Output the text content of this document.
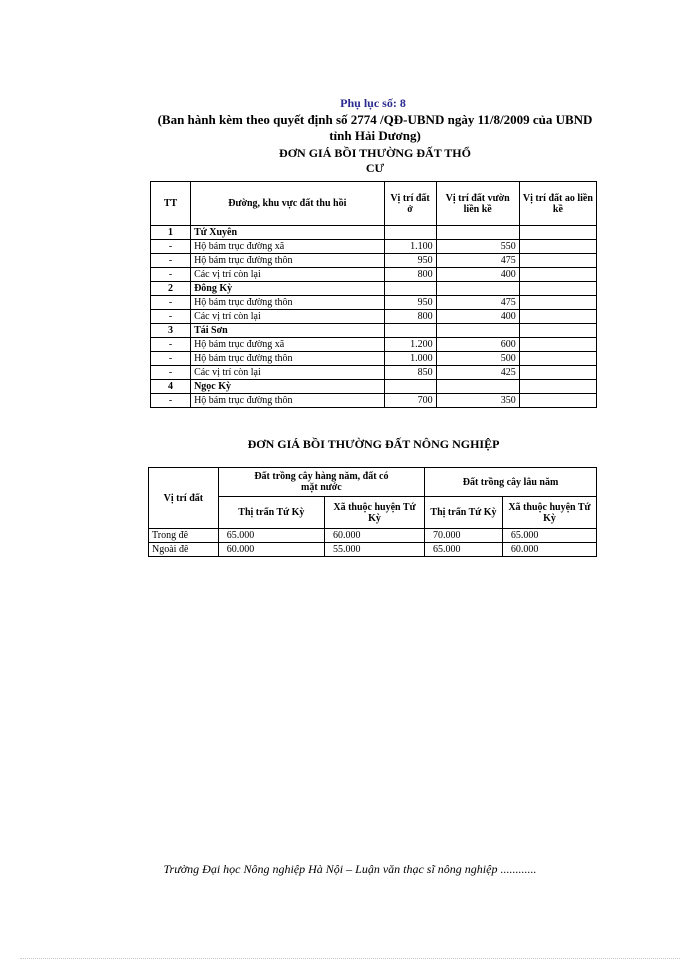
Phụ lục số: 8
(Ban hành kèm theo quyết định số 2774 /QĐ-UBND ngày 11/8/2009 của UBND
tỉnh Hải Dương)
ĐƠN GIÁ BỒI THƯỜNG ĐẤT THỔ
CƯ
TT	Đường, khu vực đất thu hồi	Vị trí đất ở	Vị trí đất vườn liền kề	Vị trí đất ao liền kề
1	Tứ Xuyên			
-	Hộ bám trục đường xã	1.100	550	
-	Hộ bám trục đường thôn	950	475	
-	Các vị trí còn lại	800	400	
2	Đông Kỳ			
-	Hộ bám trục đường thôn	950	475	
-	Các vị trí còn lại	800	400	
3	Tái Sơn			
-	Hộ bám trục đường xã	1.200	600	
-	Hộ bám trục đường thôn	1.000	500	
-	Các vị trí còn lại	850	425	
4	Ngọc Kỳ			
-	Hộ bám trục đường thôn	700	350	
ĐƠN GIÁ BỒI THƯỜNG ĐẤT NÔNG NGHIỆP
Vị trí đất	Đất trồng cây hàng năm, đất có mặt nước		Đất trồng cây lâu năm	
	Thị trấn Tứ Kỳ	Xã thuộc huyện Tứ Kỳ	Thị trấn Tứ Kỳ	Xã thuộc huyện Tứ Kỳ
Trong đê	65.000	60.000	70.000	65.000
Ngoài đê	60.000	55.000	65.000	60.000
Trường Đại học Nông nghiệp Hà Nội – Luận văn thạc sĩ nông nghiệp ............
